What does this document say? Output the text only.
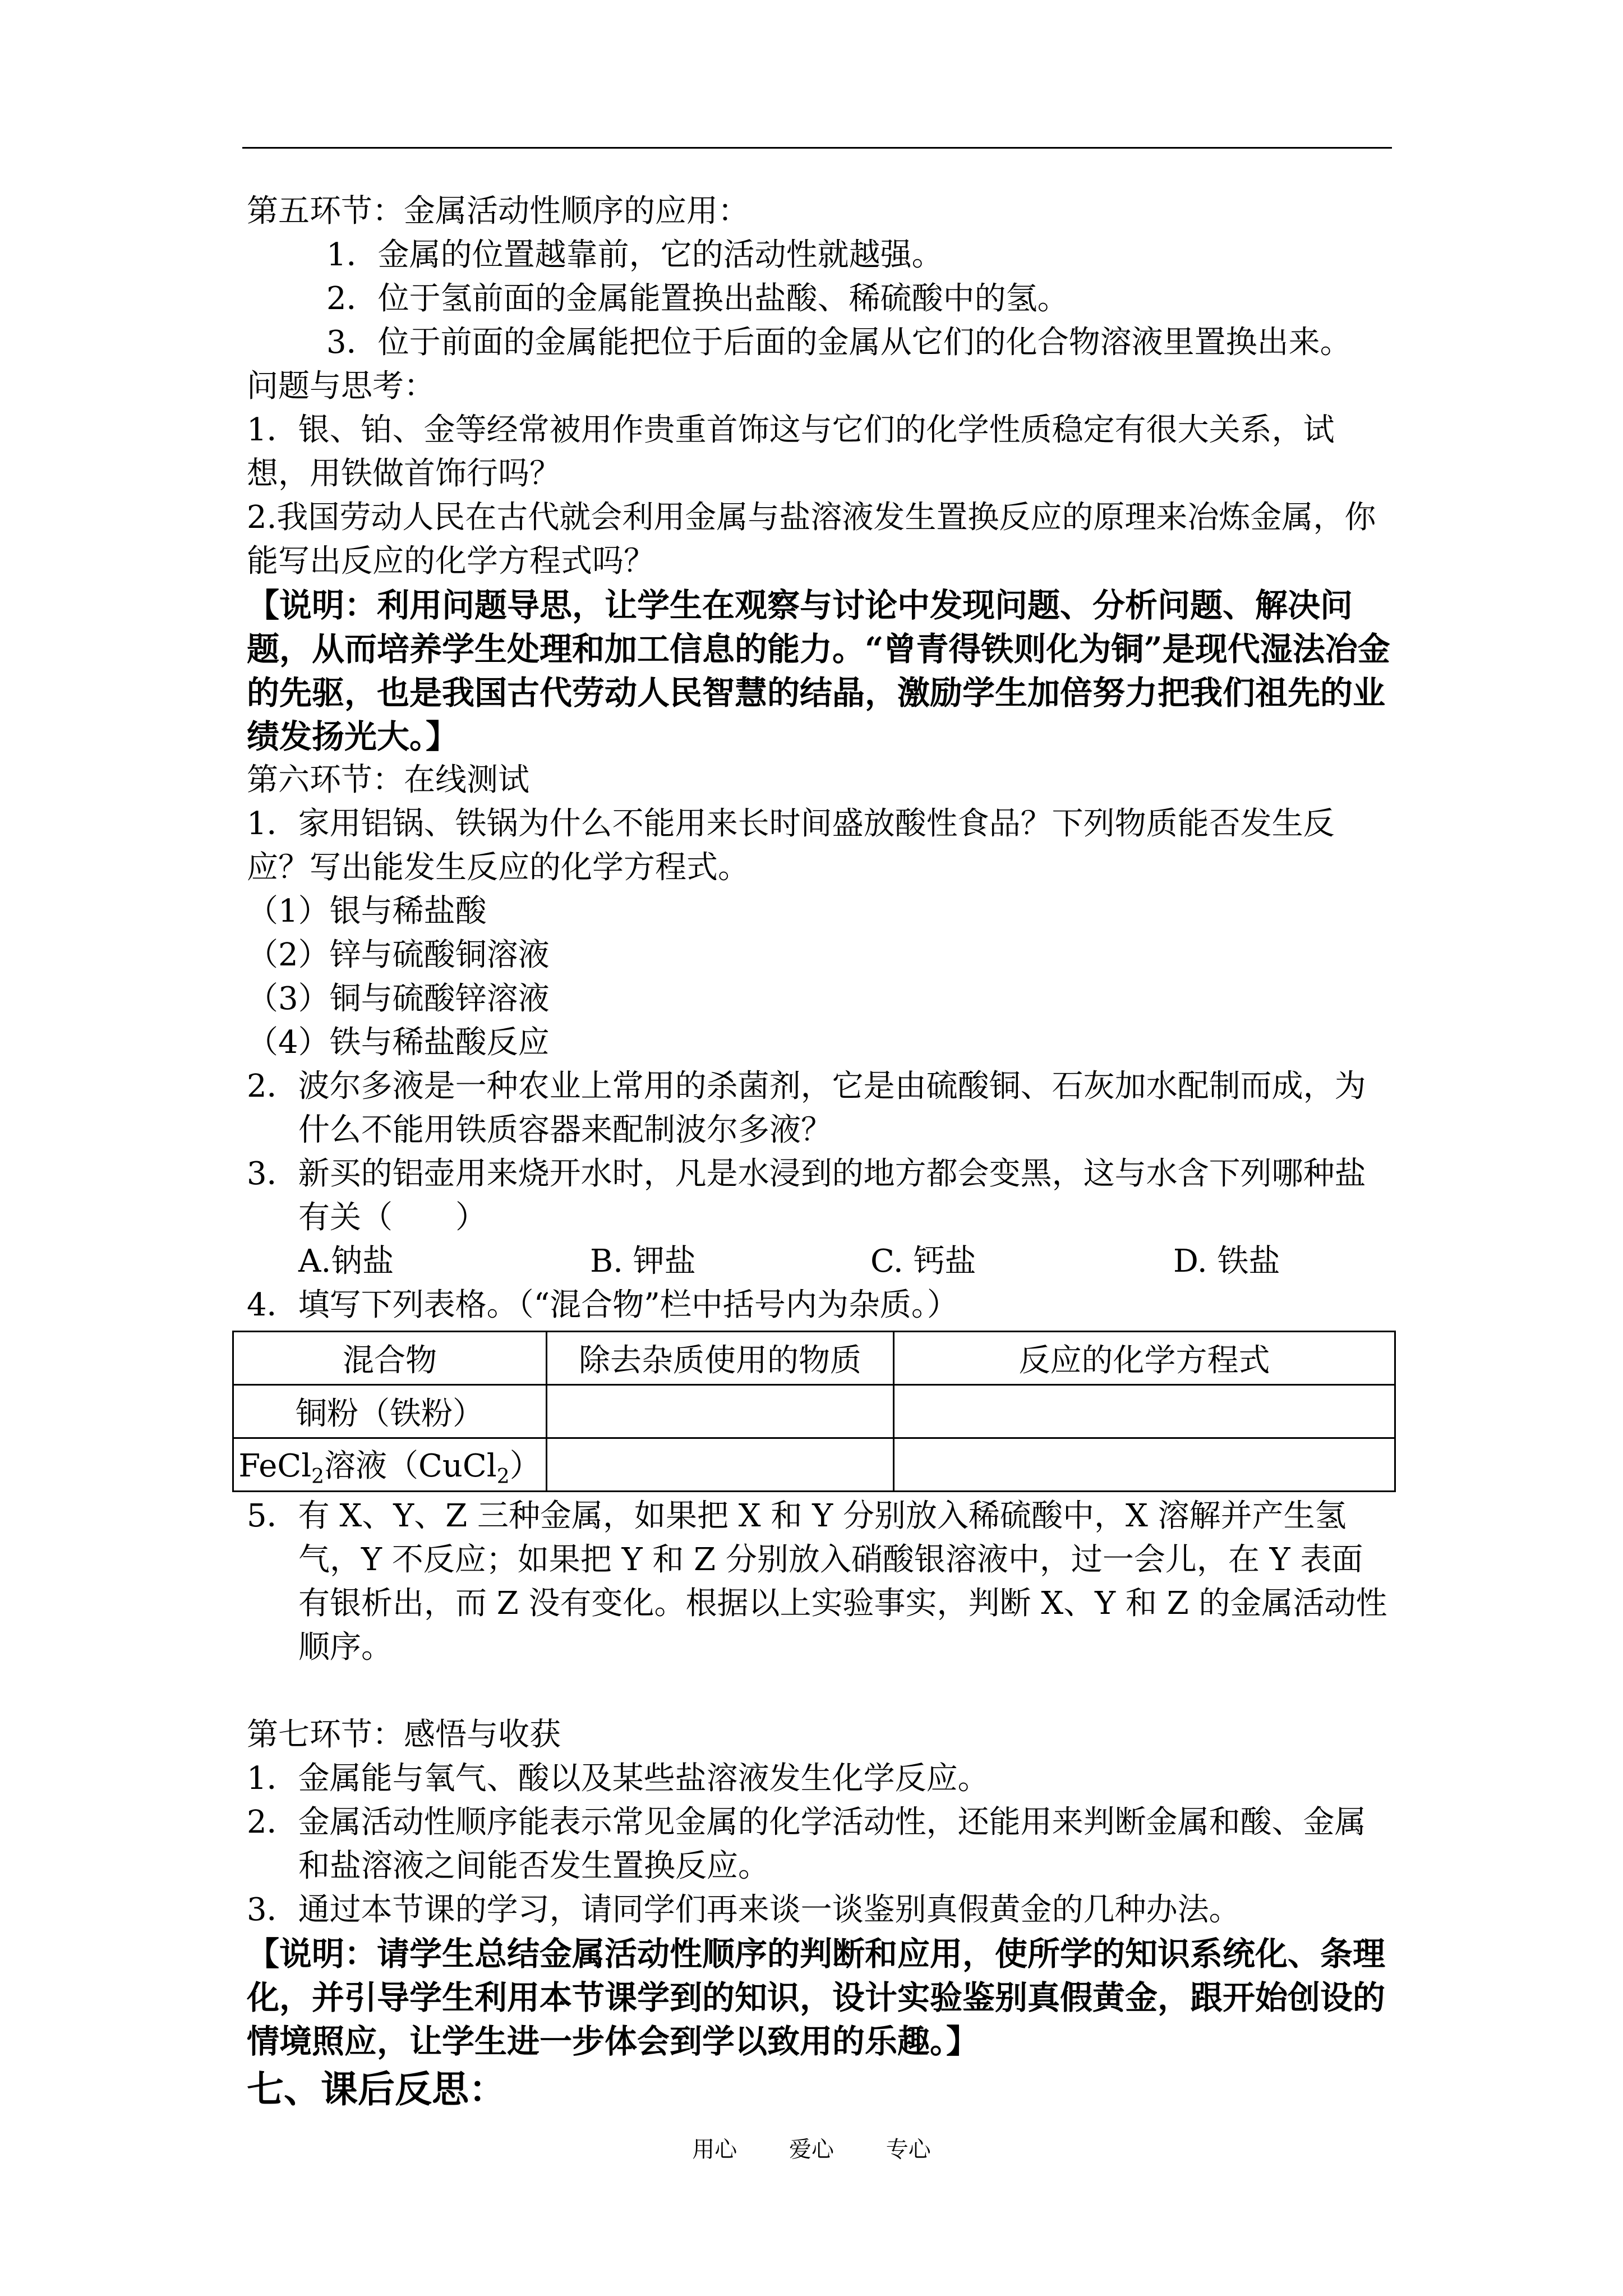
第五环节：金属活动性顺序的应用：
1．金属的位置越靠前，它的活动性就越强。
2．位于氢前面的金属能置换出盐酸、稀硫酸中的氢。
3．位于前面的金属能把位于后面的金属从它们的化合物溶液里置换出来。
问题与思考：
1．银、铂、金等经常被用作贵重首饰这与它们的化学性质稳定有很大关系，试想，用铁做首饰行吗？
2.我国劳动人民在古代就会利用金属与盐溶液发生置换反应的原理来冶炼金属，你能写出反应的化学方程式吗？
【说明：利用问题导思，让学生在观察与讨论中发现问题、分析问题、解决问题，从而培养学生处理和加工信息的能力。“曾青得铁则化为铜”是现代湿法冶金的先驱，也是我国古代劳动人民智慧的结晶，激励学生加倍努力把我们祖先的业绩发扬光大。】
第六环节：在线测试
1．家用铝锅、铁锅为什么不能用来长时间盛放酸性食品？下列物质能否发生反应？写出能发生反应的化学方程式。
（1）银与稀盐酸
（2）锌与硫酸铜溶液
（3）铜与硫酸锌溶液
（4）铁与稀盐酸反应
2．波尔多液是一种农业上常用的杀菌剂，它是由硫酸铜、石灰加水配制而成，为什么不能用铁质容器来配制波尔多液？
3．新买的铝壶用来烧开水时，凡是水浸到的地方都会变黑，这与水含下列哪种盐有关（　　）
A.钠盐	B. 钾盐	C. 钙盐	D. 铁盐
4．填写下列表格。（“混合物”栏中括号内为杂质。）
混合物	除去杂质使用的物质	反应的化学方程式
铜粉（铁粉）		
FeCl$_2$溶液（CuCl$_2$）		
5．有 X、Y、Z 三种金属，如果把 X 和 Y 分别放入稀硫酸中，X 溶解并产生氢气，Y 不反应；如果把 Y 和 Z 分别放入硝酸银溶液中，过一会儿，在 Y 表面有银析出，而 Z 没有变化。根据以上实验事实，判断 X、Y 和 Z 的金属活动性顺序。
第七环节：感悟与收获
1．金属能与氧气、酸以及某些盐溶液发生化学反应。
2．金属活动性顺序能表示常见金属的化学活动性，还能用来判断金属和酸、金属和盐溶液之间能否发生置换反应。
3．通过本节课的学习，请同学们再来谈一谈鉴别真假黄金的几种办法。
【说明：请学生总结金属活动性顺序的判断和应用，使所学的知识系统化、条理化，并引导学生利用本节课学到的知识，设计实验鉴别真假黄金，跟开始创设的情境照应，让学生进一步体会到学以致用的乐趣。】
七、课后反思：
用心 爱心 专心
